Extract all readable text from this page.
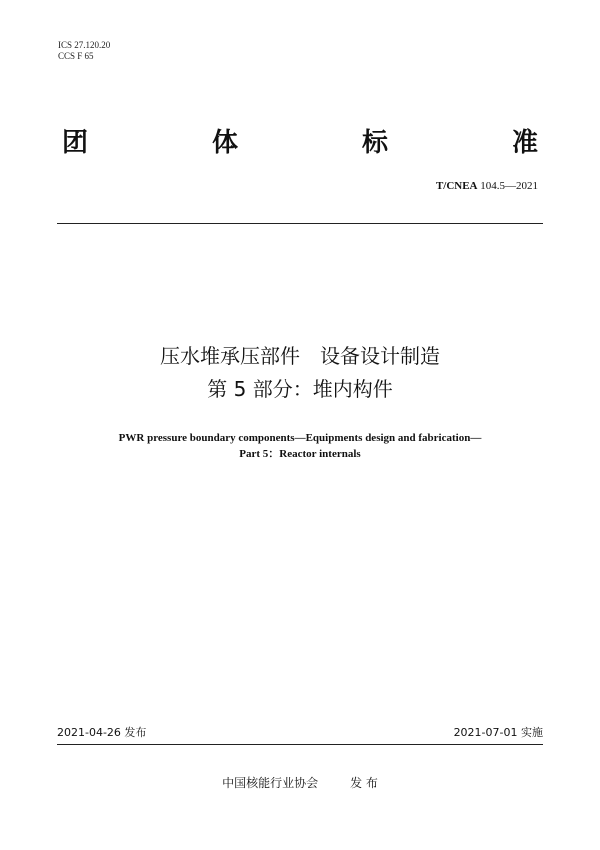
ICS 27.120.20
CCS F 65
团	体	标	准
T/CNEA 104.5—2021
压水堆承压部件　设备设计制造
第 5 部分：堆内构件
PWR pressure boundary components—Equipments design and fabrication—
Part 5：Reactor internals
2021-04-26 发布	2021-07-01 实施
中国核能行业协会	发 布
